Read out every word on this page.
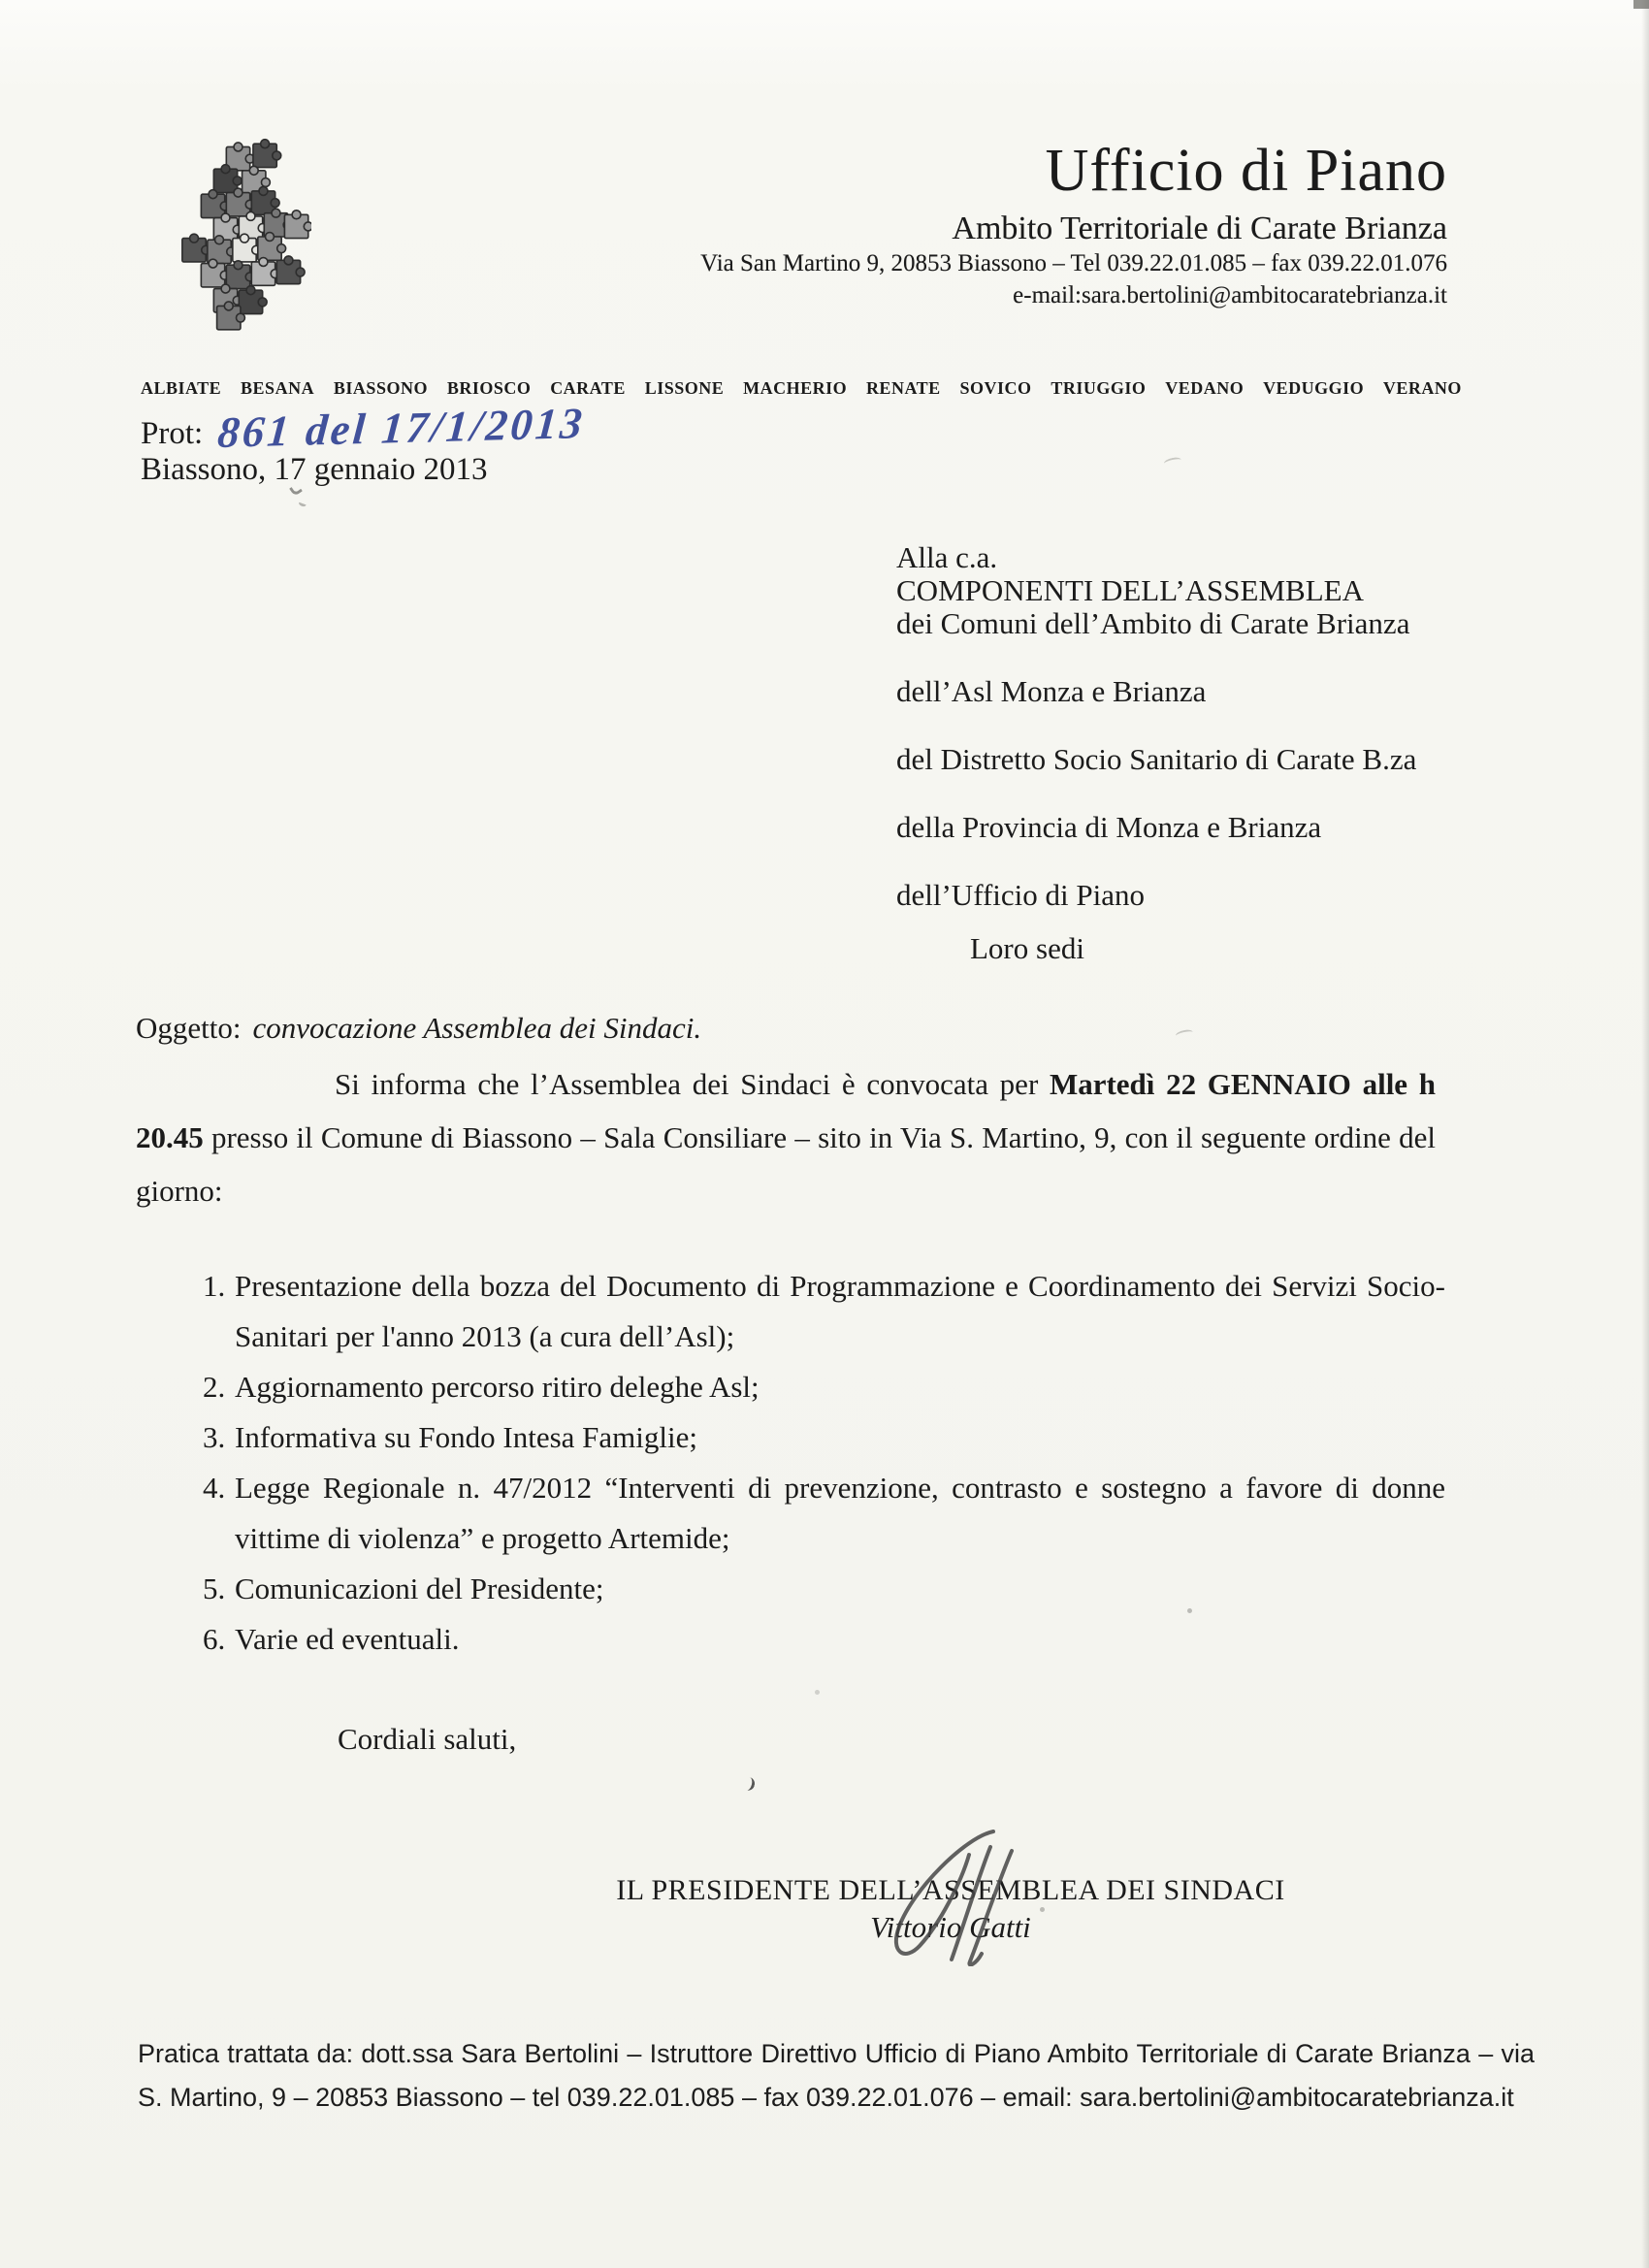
Ufficio di Piano
Ambito Territoriale di Carate Brianza
Via San Martino 9, 20853 Biassono – Tel 039.22.01.085 – fax 039.22.01.076
e-mail:sara.bertolini@ambitocaratebrianza.it
ALBIATE BESANA BIASSONO BRIOSCO CARATE LISSONE MACHERIO RENATE SOVICO TRIUGGIO VEDANO VEDUGGIO VERANO
Prot: 861 del 17/1/2013
Biassono, 17 gennaio 2013
Alla c.a.
COMPONENTI DELL’ASSEMBLEA
dei Comuni dell’Ambito di Carate Brianza
dell’Asl Monza e Brianza
del Distretto Socio Sanitario di Carate B.za
della Provincia di Monza e Brianza
dell’Ufficio di Piano
Loro sedi
Oggetto: convocazione Assemblea dei Sindaci.

Si informa che l’Assemblea dei Sindaci è convocata per Martedì 22 GENNAIO alle h 20.45 presso il Comune di Biassono – Sala Consiliare – sito in Via S. Martino, 9, con il seguente ordine del giorno:

1. Presentazione della bozza del Documento di Programmazione e Coordinamento dei Servizi Socio-Sanitari per l'anno 2013 (a cura dell’Asl);
2. Aggiornamento percorso ritiro deleghe Asl;
3. Informativa su Fondo Intesa Famiglie;
4. Legge Regionale n. 47/2012 “Interventi di prevenzione, contrasto e sostegno a favore di donne vittime di violenza” e progetto Artemide;
5. Comunicazioni del Presidente;
6. Varie ed eventuali.
Cordiali saluti,
IL PRESIDENTE DELL’ASSEMBLEA DEI SINDACI
Vittorio Gatti
Pratica trattata da: dott.ssa Sara Bertolini – Istruttore Direttivo Ufficio di Piano Ambito Territoriale di Carate Brianza – via S. Martino, 9 – 20853 Biassono – tel 039.22.01.085 – fax 039.22.01.076 – email: sara.bertolini@ambitocaratebrianza.it
